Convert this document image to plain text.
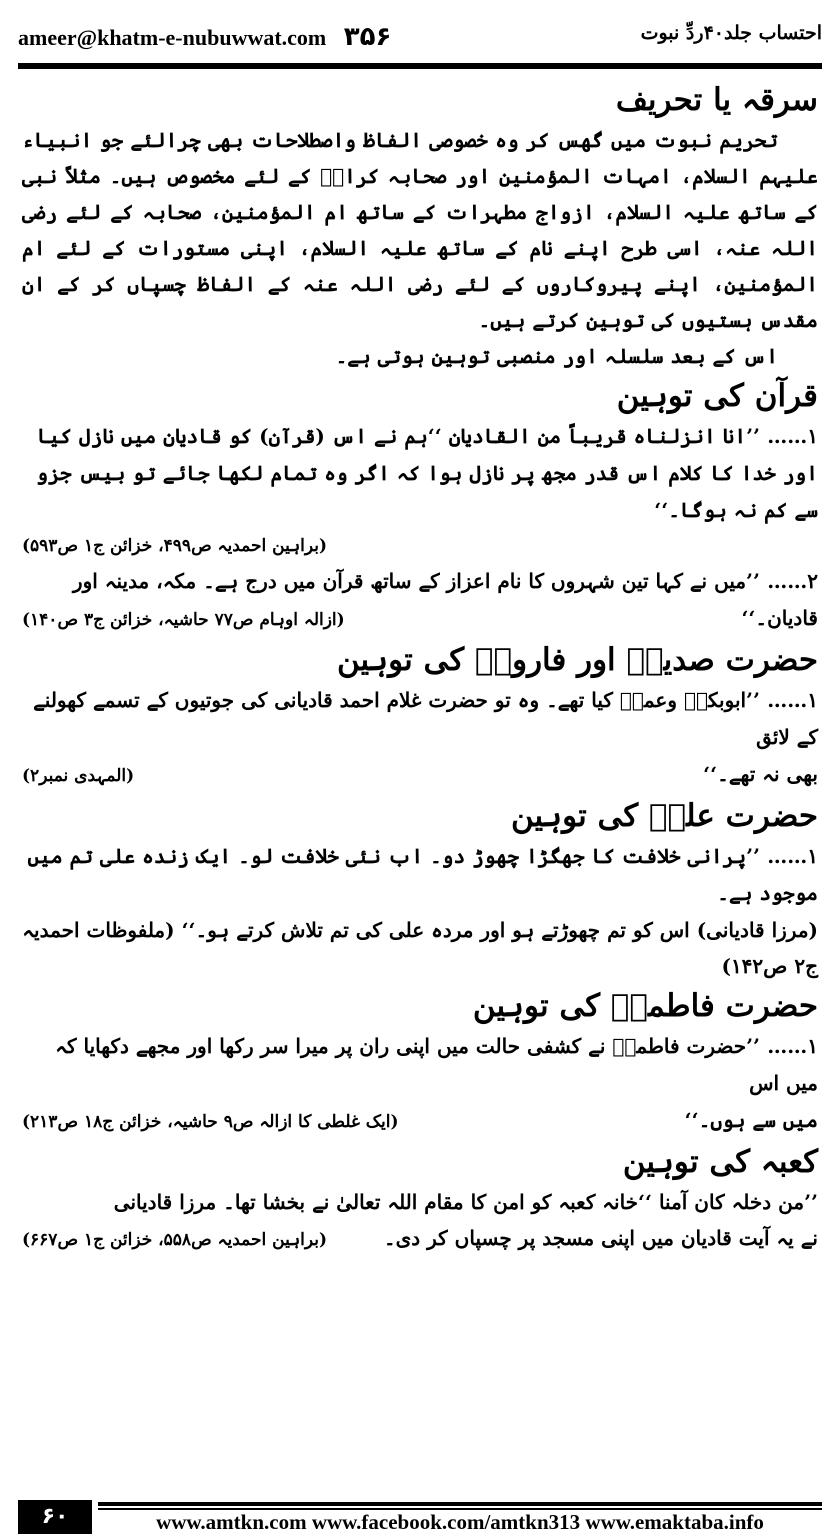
ameer@khatm-e-nubuwwat.com ۳۵۶	احتساب جلد۴۰ردِّ نبوت
سرقہ یا تحریف

تحریم نبوت میں گھس کر وہ خصوصی الفاظ واصطلاحات بھی چرالئے جو انبیاء علیہم السلام، امہات المؤمنین اور صحابہ کرامؓ کے لئے مخصوص ہیں۔ مثلاً نبی کے ساتھ علیہ السلام، ازواج مطہرات کے ساتھ ام المؤمنین، صحابہ کے لئے رضی اللہ عنہ، اسی طرح اپنے نام کے ساتھ علیہ السلام، اپنی مستورات کے لئے ام المؤمنین، اپنے پیروکاروں کے لئے رضی اللہ عنہ کے الفاظ چسپاں کر کے ان مقدس ہستیوں کی توہین کرتے ہیں۔

اس کے بعد سلسلہ اور منصبی توہین ہوتی ہے۔

قرآن کی توہین

۱……’’انا انزلناہ قریباً من القادیان ‘‘ہم نے اس (قرآن) کو قادیان میں نازل کیا اور خدا کا کلام اس قدر مجھ پر نازل ہوا کہ اگر وہ تمام لکھا جائے تو بیس جزو سے کم نہ ہوگا۔‘‘

(براہین احمدیہ ص۴۹۹، خزائن ج۱ ص۵۹۳)

۲……’’میں نے کہا تین شہروں کا نام اعزاز کے ساتھ قرآن میں درج ہے۔ مکہ، مدینہ اور

قادیان۔‘‘
(ازالہ اوہام ص۷۷ حاشیہ، خزائن ج۳ ص۱۴۰)
حضرت صدیقؓ اور فاروقؓ کی توہین

۱……’’ابوبکرؓ وعمرؓ کیا تھے۔ وہ تو حضرت غلام احمد قادیانی کی جوتیوں کے تسمے کھولنے کے لائق

بھی نہ تھے۔‘‘
(المہدی نمبر۲)
حضرت علیؓ کی توہین

۱……’’پرانی خلافت کا جھگڑا چھوڑ دو۔ اب نئی خلافت لو۔ ایک زندہ علی تم میں موجود ہے۔

(مرزا قادیانی) اس کو تم چھوڑتے ہو اور مردہ علی کی تم تلاش کرتے ہو۔‘‘ (ملفوظات احمدیہ ج۲ ص۱۴۲)

حضرت فاطمہؓ کی توہین

۱……’’حضرت فاطمہؓ نے کشفی حالت میں اپنی ران پر میرا سر رکھا اور مجھے دکھایا کہ میں اس

میں سے ہوں۔‘‘
(ایک غلطی کا ازالہ ص۹ حاشیہ، خزائن ج۱۸ ص۲۱۳)
کعبہ کی توہین

’’من دخلہ کان آمنا ‘‘خانہ کعبہ کو امن کا مقام اللہ تعالیٰ نے بخشا تھا۔ مرزا قادیانی

نے یہ آیت قادیان میں اپنی مسجد پر چسپاں کر دی۔
(براہین احمدیہ ص۵۵۸، خزائن ج۱ ص۶۶۷)
۶۰	www.amtkn.com www.facebook.com/amtkn313 www.emaktaba.info
